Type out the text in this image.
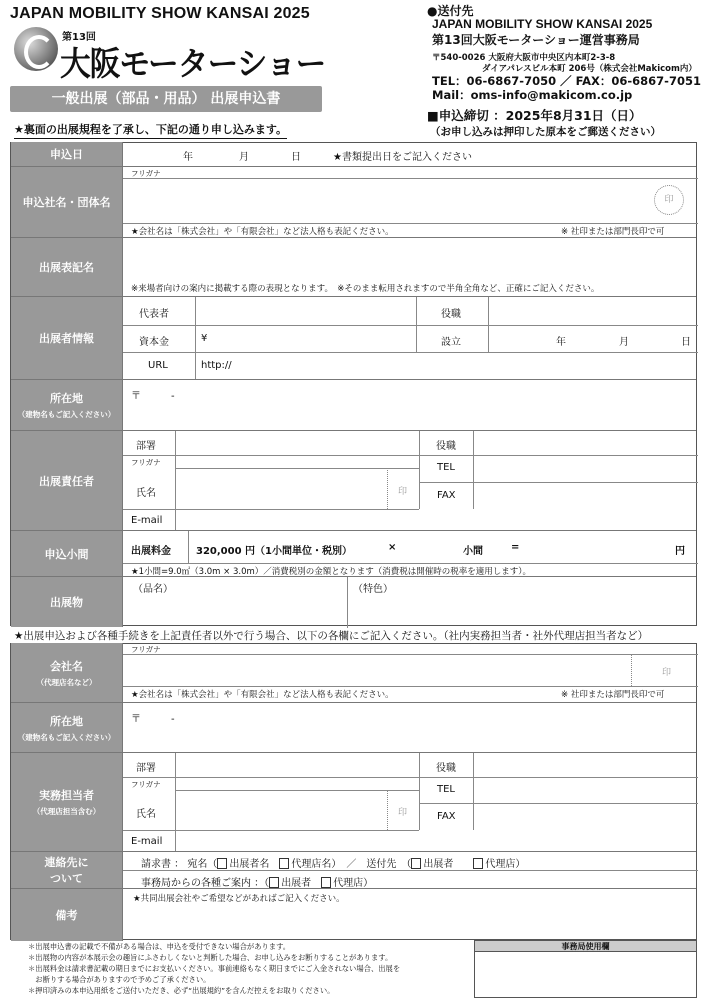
JAPAN MOBILITY SHOW KANSAI 2025
第13回
大阪モーターショー
一般出展（部品・用品） 出展申込書
★裏面の出展規程を了承し、下記の通り申し込みます。
●送付先
JAPAN MOBILITY SHOW KANSAI 2025
第13回大阪モーターショー運営事務局
〒540-0026 大阪府大阪市中央区内本町2-3-8
ダイアパレスビル本町 206号（株式会社Makicom内）
TEL：06-6867-7050 ／ FAX：06-6867-7051
Mail：oms-info@makicom.co.jp
■申込締切 ：2025年8月31日（日）
（お申し込みは押印した原本をご郵送ください）
申込日	年	月	日	★書類提出日をご記入ください
申込社名・団体名
フリガナ
印
★会社名は「株式会社」や「有限会社」など法人格も表記ください。	※ 社印または部門長印で可
出展表記名
※来場者向けの案内に掲載する際の表現となります。　※そのまま転用されますので半角全角など、正確にご記入ください。
出展者情報
代表者	役職
資本金	¥	設立	年	月	日
URL	http://
所在地
（建物名もご記入ください）
〒　　　-
出展責任者
部署	役職
フリガナ
氏名	印
TEL
FAX
E-mail
申込小間	出展料金	320,000 円（1小間単位・税別）	×	小間	=	円
★1小間=9.0㎡（3.0m × 3.0m）／消費税別の金額となります（消費税は開催時の税率を適用します）。
出展物
（品名）	（特色）
★出展申込および各種手続きを上記責任者以外で行う場合、以下の各欄にご記入ください。（社内実務担当者・社外代理店担当者など）
会社名
（代理店名など）
フリガナ
印
★会社名は「株式会社」や「有限会社」など法人格も表記ください。	※ 社印または部門長印で可
所在地
（建物名もご記入ください）
〒　　　-
実務担当者
（代理店担当含む）
部署	役職
フリガナ
氏名	印
TEL
FAX
E-mail
連絡先に ついて
請求書 ： 宛名（ 出展者名　 代理店名）　／　送付先　（ 出展者　　	代理店）
事務局からの各種ご案内 ：（ 出展者　 代理店）
備考
★共同出展会社やご希望などがあればご記入ください。
＊出展申込書の記載で不備がある場合は、申込を受付できない場合があります。
＊出展物の内容が本展示会の趣旨にふさわしくないと判断した場合、お申し込みをお断りすることがあります。
＊出展料金は請求書記載の期日までにお支払いください。事前連絡もなく期日までにご入金されない場合、出展を
　お断りする場合がありますので予めご了承ください。
＊押印済みの本申込用紙をご送付いただき、必ず“出展規約”を含んだ控えをお取りください。
事務局使用欄
